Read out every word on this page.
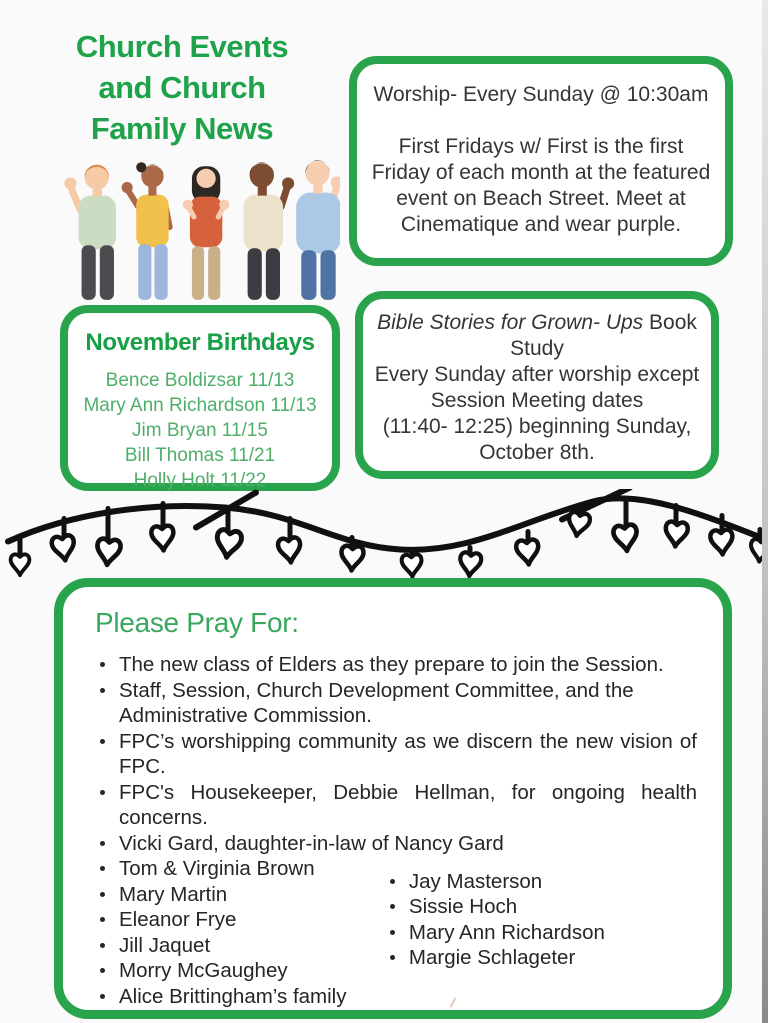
Church Events
and Church
Family News

Worship- Every Sunday @ 10:30am

First Fridays w/ First is the first Friday of each month at the featured event on Beach Street. Meet at Cinematique and wear purple.

November Birthdays
Bence Boldizsar 11/13
Mary Ann Richardson 11/13
Jim Bryan 11/15
Bill Thomas 11/21
Holly Holt 11/22

Bible Stories for Grown- Ups Book Study

Every Sunday after worship except Session Meeting dates

(11:40- 12:25) beginning Sunday, October 8th.

Please Pray For:
The new class of Elders as they prepare to join the Session.
Staff, Session, Church Development Committee, and the Administrative Commission.
FPC’s worshipping community as we discern the new vision of
FPC.
FPC's Housekeeper, Debbie Hellman, for ongoing health
concerns.
Vicki Gard, daughter-in-law of Nancy Gard
Tom & Virginia Brown
Mary Martin
Eleanor Frye
Jill Jaquet
Morry McGaughey
Alice Brittingham’s family
Jay Masterson
Sissie Hoch
Mary Ann Richardson
Margie Schlageter
